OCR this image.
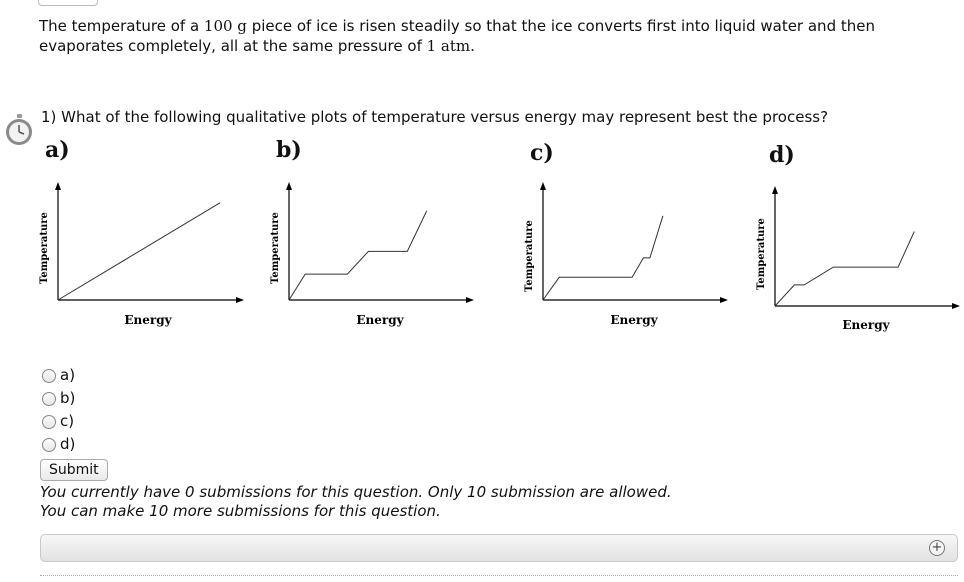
The temperature of a 100 g piece of ice is risen steadily so that the ice converts first into liquid water and then evaporates completely, all at the same pressure of 1 atm.

1) What of the following qualitative plots of temperature versus energy may represent best the process?

a)	b)	c)	d)
Temperature
Energy
Temperature
Energy
Temperature
Energy
Temperature
Energy
a)
b)
c)
d)
Submit

You currently have 0 submissions for this question. Only 10 submission are allowed.
You can make 10 more submissions for this question.

+
